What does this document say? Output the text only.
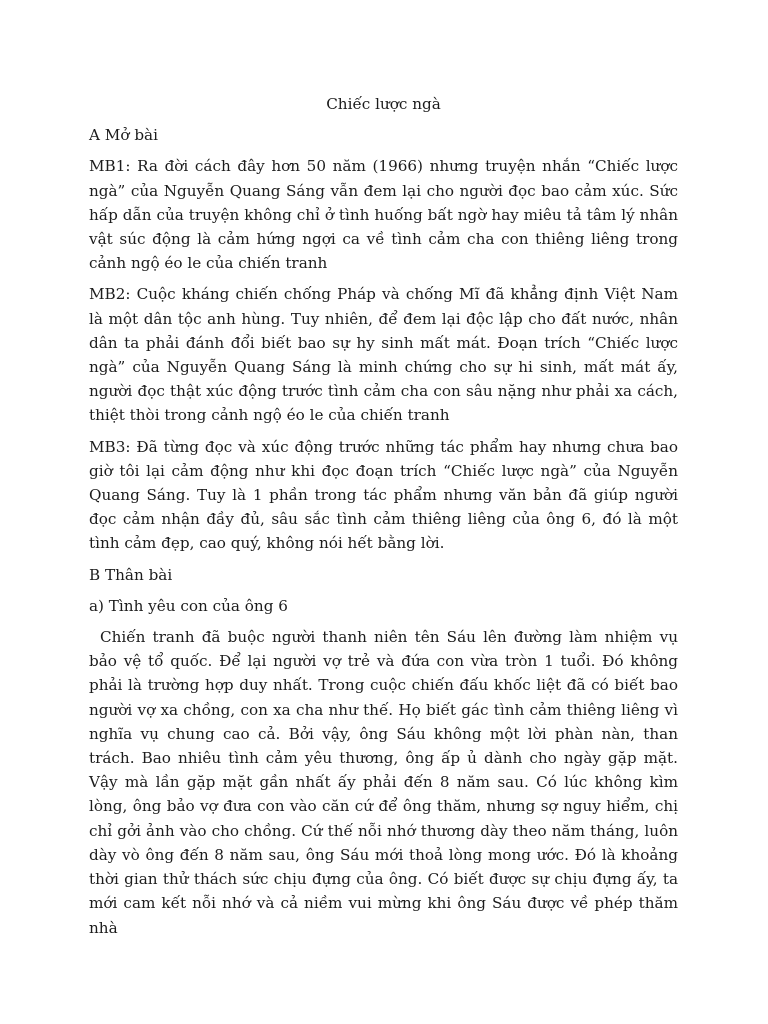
Chiếc lược ngà

A Mở bài

MB1: Ra đời cách đây hơn 50 năm (1966) nhưng truyện nhắn “Chiếc lược ngà” của Nguyễn Quang Sáng vẫn đem lại cho người đọc bao cảm xúc. Sức hấp dẫn của truyện không chỉ ở tình huống bất ngờ hay miêu tả tâm lý nhân vật súc động là cảm hứng ngợi ca về tình cảm cha con thiêng liêng trong cảnh ngộ éo le của chiến tranh

MB2: Cuộc kháng chiến chống Pháp và chống Mĩ đã khẳng định Việt Nam là một dân tộc anh hùng. Tuy nhiên, để đem lại độc lập cho đất nước, nhân dân ta phải đánh đổi biết bao sự hy sinh mất mát. Đoạn trích “Chiếc lược ngà” của Nguyễn Quang Sáng là minh chứng cho sự hi sinh, mất mát ấy, người đọc thật xúc động trước tình cảm cha con sâu nặng như phải xa cách, thiệt thòi trong cảnh ngộ éo le của chiến tranh

MB3: Đã từng đọc và xúc động trước những tác phẩm hay nhưng chưa bao giờ tôi lại cảm động như khi đọc đoạn trích “Chiếc lược ngà” của Nguyễn Quang Sáng. Tuy là 1 phần trong tác phẩm nhưng văn bản đã giúp người đọc cảm nhận đầy đủ, sâu sắc tình cảm thiêng liêng của ông 6, đó là một tình cảm đẹp, cao quý, không nói hết bằng lời.

B Thân bài

a) Tình yêu con của ông 6

Chiến tranh đã buộc người thanh niên tên Sáu lên đường làm nhiệm vụ bảo vệ tổ quốc. Để lại người vợ trẻ và đứa con vừa tròn 1 tuổi. Đó không phải là trường hợp duy nhất. Trong cuộc chiến đấu khốc liệt đã có biết bao người vợ xa chồng, con xa cha như thế. Họ biết gác tình cảm thiêng liêng vì nghĩa vụ chung cao cả. Bởi vậy, ông Sáu không một lời phàn nàn, than trách. Bao nhiêu tình cảm yêu thương, ông ấp ủ dành cho ngày gặp mặt. Vậy mà lần gặp mặt gần nhất ấy phải đến 8 năm sau. Có lúc không kìm lòng, ông bảo vợ đưa con vào căn cứ để ông thăm, nhưng sợ nguy hiểm, chị chỉ gởi ảnh vào cho chồng. Cứ thế nỗi nhớ thương dày theo năm tháng, luôn dày vò ông đến 8 năm sau, ông Sáu mới thoả lòng mong ước. Đó là khoảng thời gian thử thách sức chịu đựng của ông. Có biết được sự chịu đựng ấy, ta mới cam kết nỗi nhớ và cả niềm vui mừng khi ông Sáu được về phép thăm nhà
